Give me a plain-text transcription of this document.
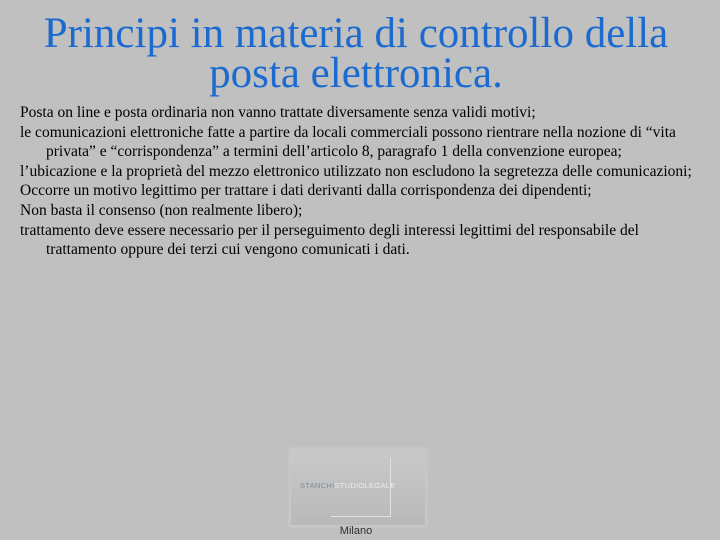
Principi in materia di controllo della posta elettronica.
Posta on line e posta ordinaria non vanno trattate diversamente senza validi motivi;
le comunicazioni elettroniche fatte a partire da locali commerciali possono rientrare nella nozione di “vita privata” e “corrispondenza” a termini dell’articolo 8, paragrafo 1 della convenzione europea;
l’ubicazione e la proprietà del mezzo elettronico utilizzato non escludono la segretezza delle comunicazioni;
Occorre un motivo legittimo per trattare i dati derivanti dalla corrispondenza dei dipendenti;
Non basta il consenso (non realmente libero);
trattamento deve essere necessario per il perseguimento degli interessi legittimi del responsabile del trattamento oppure dei terzi cui vengono comunicati i dati.
STANCHISTUDIOLEGALE
Milano
